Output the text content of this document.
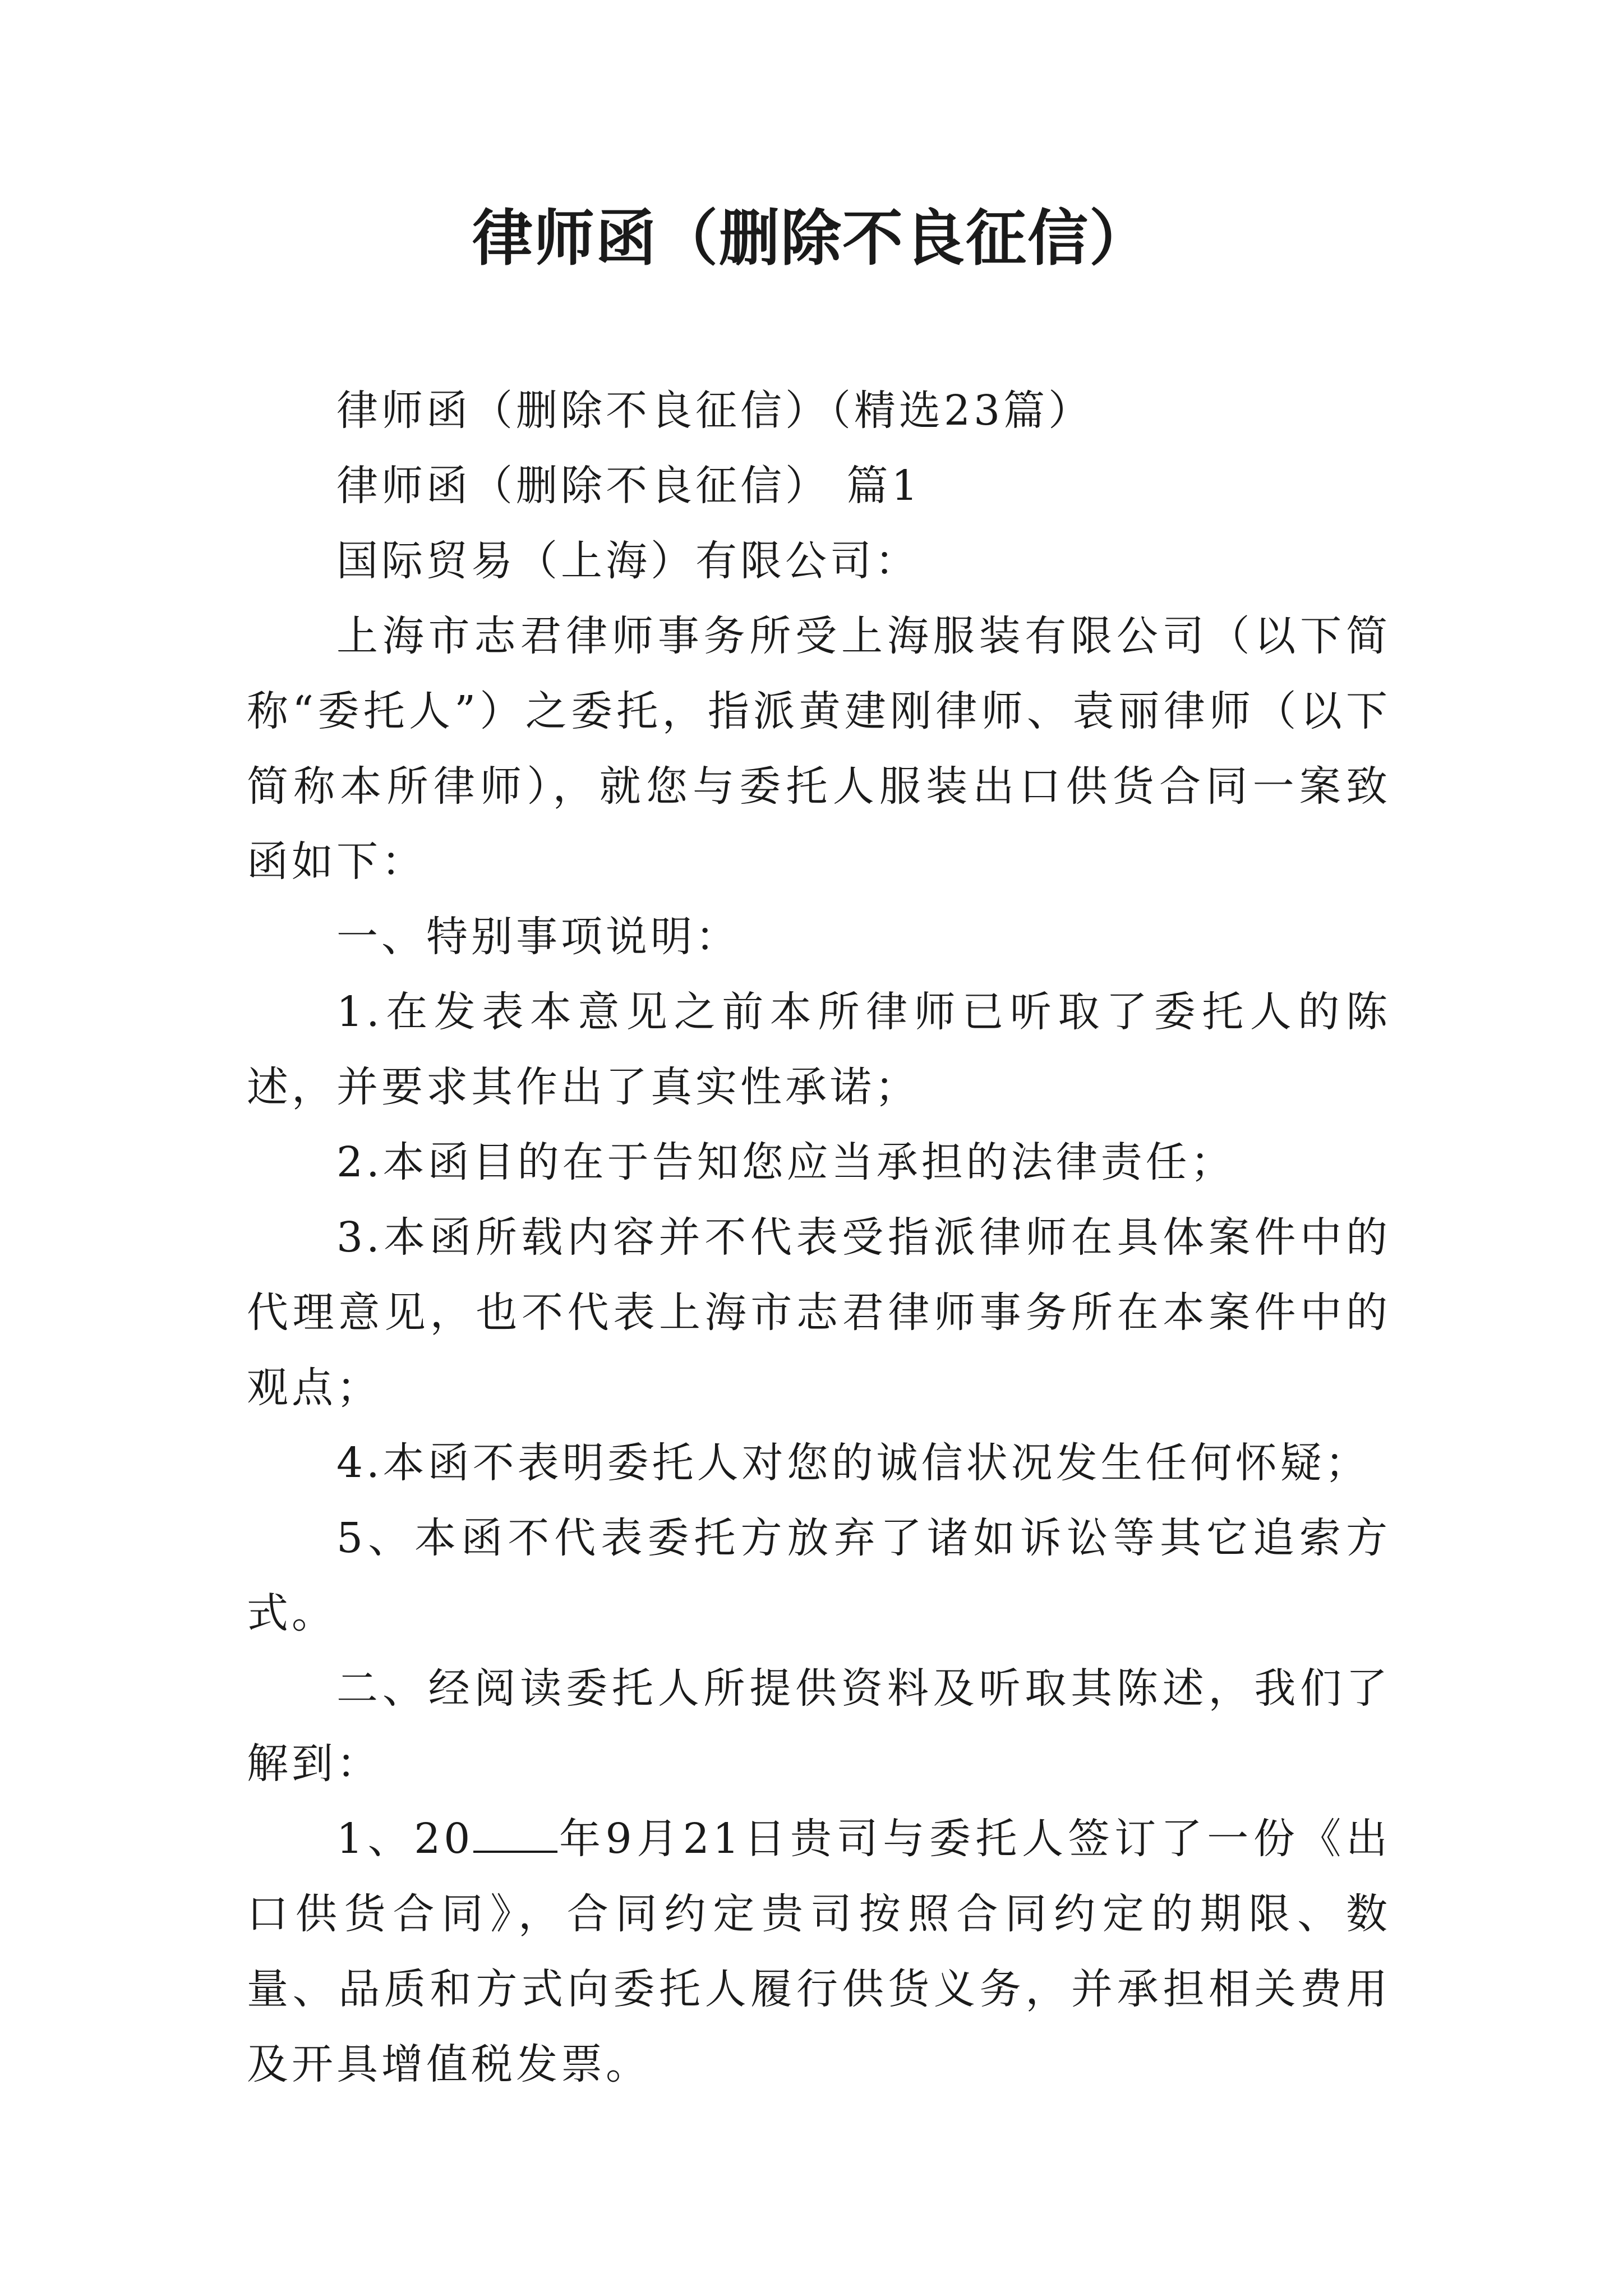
律师函（删除不良征信）

律师函（删除不良征信）（精选23篇）

律师函（删除不良征信） 篇1

国际贸易（上海）有限公司：

上海市志君律师事务所受上海服装有限公司（以下简称“委托人”）之委托，指派黄建刚律师、袁丽律师（以下简称本所律师），就您与委托人服装出口供货合同一案致函如下：

一、特别事项说明：

1.在发表本意见之前本所律师已听取了委托人的陈述，并要求其作出了真实性承诺；

2.本函目的在于告知您应当承担的法律责任；

3.本函所载内容并不代表受指派律师在具体案件中的代理意见，也不代表上海市志君律师事务所在本案件中的观点；

4.本函不表明委托人对您的诚信状况发生任何怀疑；

5、本函不代表委托方放弃了诸如诉讼等其它追索方式。

二、经阅读委托人所提供资料及听取其陈述，我们了解到：

1、20 年9月21日贵司与委托人签订了一份《出口供货合同》，合同约定贵司按照合同约定的期限、数量、品质和方式向委托人履行供货义务，并承担相关费用及开具增值税发票。
